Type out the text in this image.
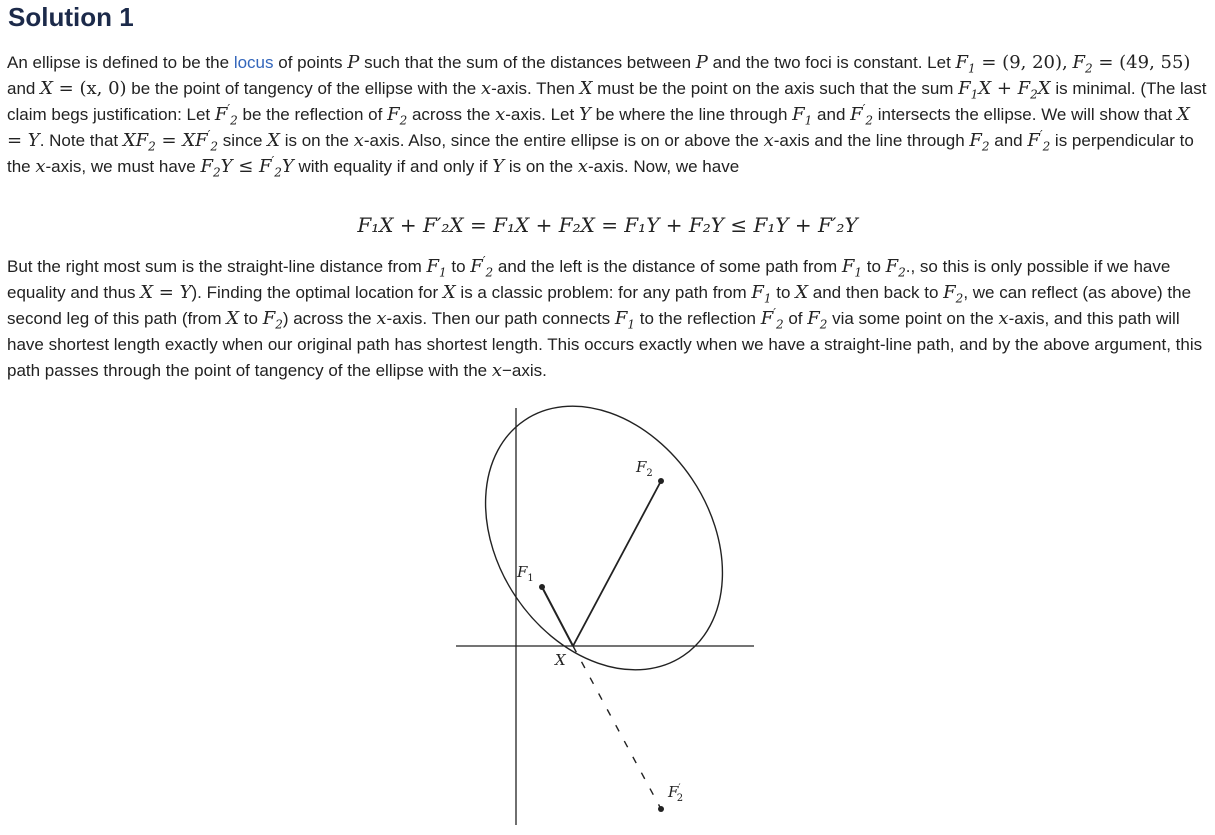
Solution 1

An ellipse is defined to be the locus of points P such that the sum of the distances between P and the two foci is constant. Let $F_1 = (9$, 20), $F_2 = (49$, 55) and X = (x, 0) be the point of tangency of the ellipse with the x-axis. Then X must be the point on the axis such that the sum $F_1X + F_2X$ is minimal. (The last claim begs justification: Let $F'_2$ be the reflection of $F_2$ across the x-axis. Let Y be where the line through $F_1$ and $F'_2$ intersects the ellipse. We will show that X = Y. Note that $XF_2 = XF'_2$ since X is on the x-axis. Also, since the entire ellipse is on or above the x-axis and the line through $F_2$ and $F'_2$ is perpendicular to the x-axis, we must have $F_2Y \le F'_2Y$ with equality if and only if Y is on the x-axis. Now, we have

F₁X + F′₂X = F₁X + F₂X = F₁Y + F₂Y ≤ F₁Y + F′₂Y

But the right most sum is the straight-line distance from $F_1$ to $F'_2$ and the left is the distance of some path from $F_1$ to $F_2$., so this is only possible if we have equality and thus X = Y). Finding the optimal location for X is a classic problem: for any path from $F_1$ to X and then back to $F_2$, we can reflect (as above) the second leg of this path (from X to $F_2$) across the x-axis. Then our path connects $F_1$ to the reflection $F'_2$ of $F_2$ via some point on the x-axis, and this path will have shortest length exactly when our original path has shortest length. This occurs exactly when we have a straight-line path, and by the above argument, this path passes through the point of tangency of the ellipse with the x−axis.

$F_1$
$F_2$
X
F′ 2
